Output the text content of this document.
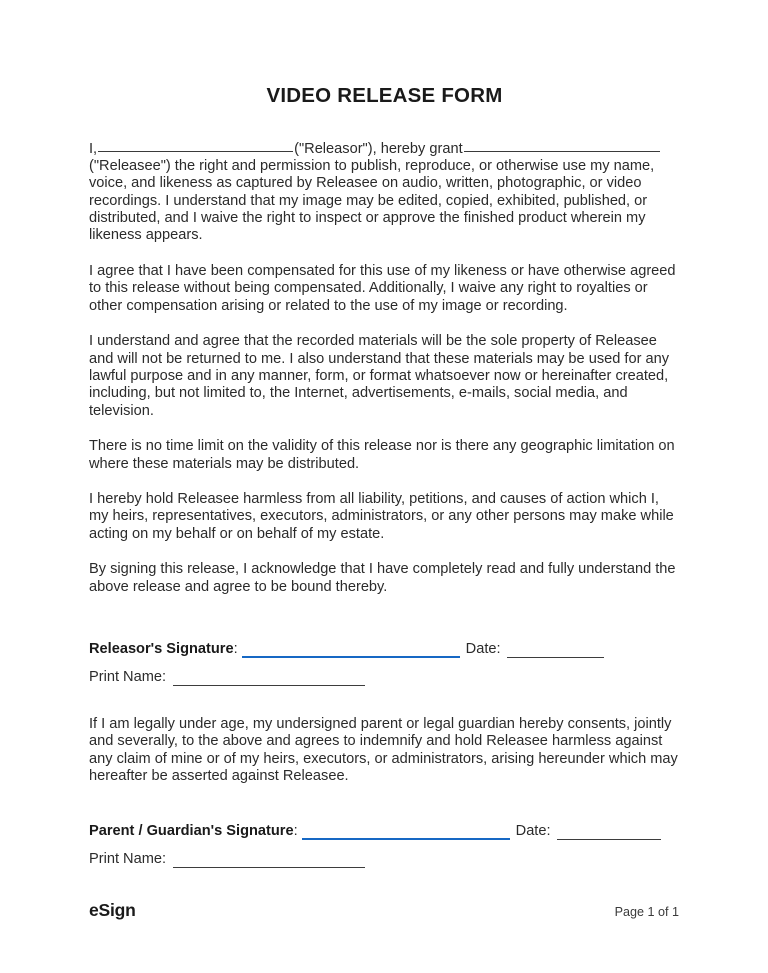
VIDEO RELEASE FORM

I,	("Releasor"), hereby grant
("Releasee") the right and permission to publish, reproduce, or otherwise use my name, voice, and likeness as captured by Releasee on audio, written, photographic, or video recordings. I understand that my image may be edited, copied, exhibited, published, or distributed, and I waive the right to inspect or approve the finished product wherein my likeness appears.

I agree that I have been compensated for this use of my likeness or have otherwise agreed to this release without being compensated. Additionally, I waive any right to royalties or other compensation arising or related to the use of my image or recording.

I understand and agree that the recorded materials will be the sole property of Releasee and will not be returned to me. I also understand that these materials may be used for any lawful purpose and in any manner, form, or format whatsoever now or hereinafter created, including, but not limited to, the Internet, advertisements, e-mails, social media, and television.

There is no time limit on the validity of this release nor is there any geographic limitation on where these materials may be distributed.

I hereby hold Releasee harmless from all liability, petitions, and causes of action which I, my heirs, representatives, executors, administrators, or any other persons may make while acting on my behalf or on behalf of my estate.

By signing this release, I acknowledge that I have completely read and fully understand the above release and agree to be bound thereby.

Releasor's Signature :	Date:
Print Name:

If I am legally under age, my undersigned parent or legal guardian hereby consents, jointly and severally, to the above and agrees to indemnify and hold Releasee harmless against any claim of mine or of my heirs, executors, or administrators, arising hereunder which may hereafter be asserted against Releasee.

Parent / Guardian's Signature :	Date:
Print Name:
eSign	Page 1 of 1
